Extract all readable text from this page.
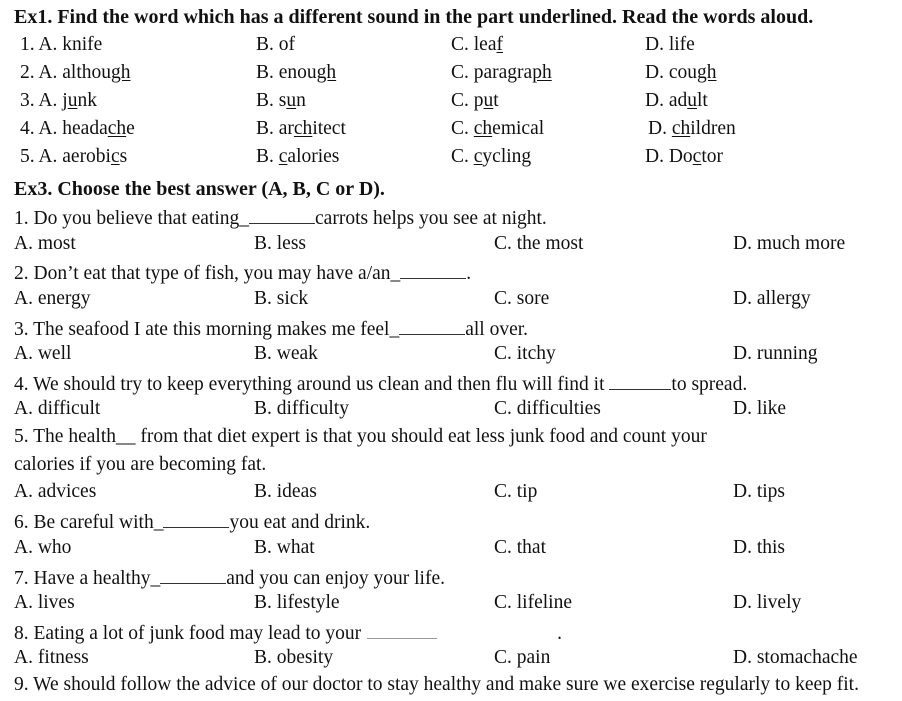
Ex1. Find the word which has a different sound in the part underlined. Read the words aloud.
1. A. knife	B. of	C. leaf	D. life
2. A. although	B. enough	C. paragraph	D. cough
3. A. junk	B. sun	C. put	D. adult
4. A. headache	B. architect	C. chemical	D. children
5. A. aerobics	B. calories	C. cycling	D. Doctor
Ex3. Choose the best answer (A, B, C or D).
1. Do you believe that eating_	carrots helps you see at night.
A. most	B. less	C. the most	D. much more
2. Don’t eat that type of fish, you may have a/an_	.
A. energy	B. sick	C. sore	D. allergy
3. The seafood I ate this morning makes me feel_	all over.
A. well	B. weak	C. itchy	D. running
4. We should try to keep everything around us clean and then flu will find it	to spread.
A. difficult	B. difficulty	C. difficulties	D. like
5. The health__ from that diet expert is that you should eat less junk food and count your
calories if you are becoming fat.
A. advices	B. ideas	C. tip	D. tips
6. Be careful with_	you eat and drink.
A. who	B. what	C. that	D. this
7. Have a healthy_	and you can enjoy your life.
A. lives	B. lifestyle	C. lifeline	D. lively
8. Eating a lot of junk food may lead to your	.
A. fitness	B. obesity	C. pain	D. stomachache
9. We should follow the advice of our doctor to stay healthy and make sure we exercise regularly to keep fit.
